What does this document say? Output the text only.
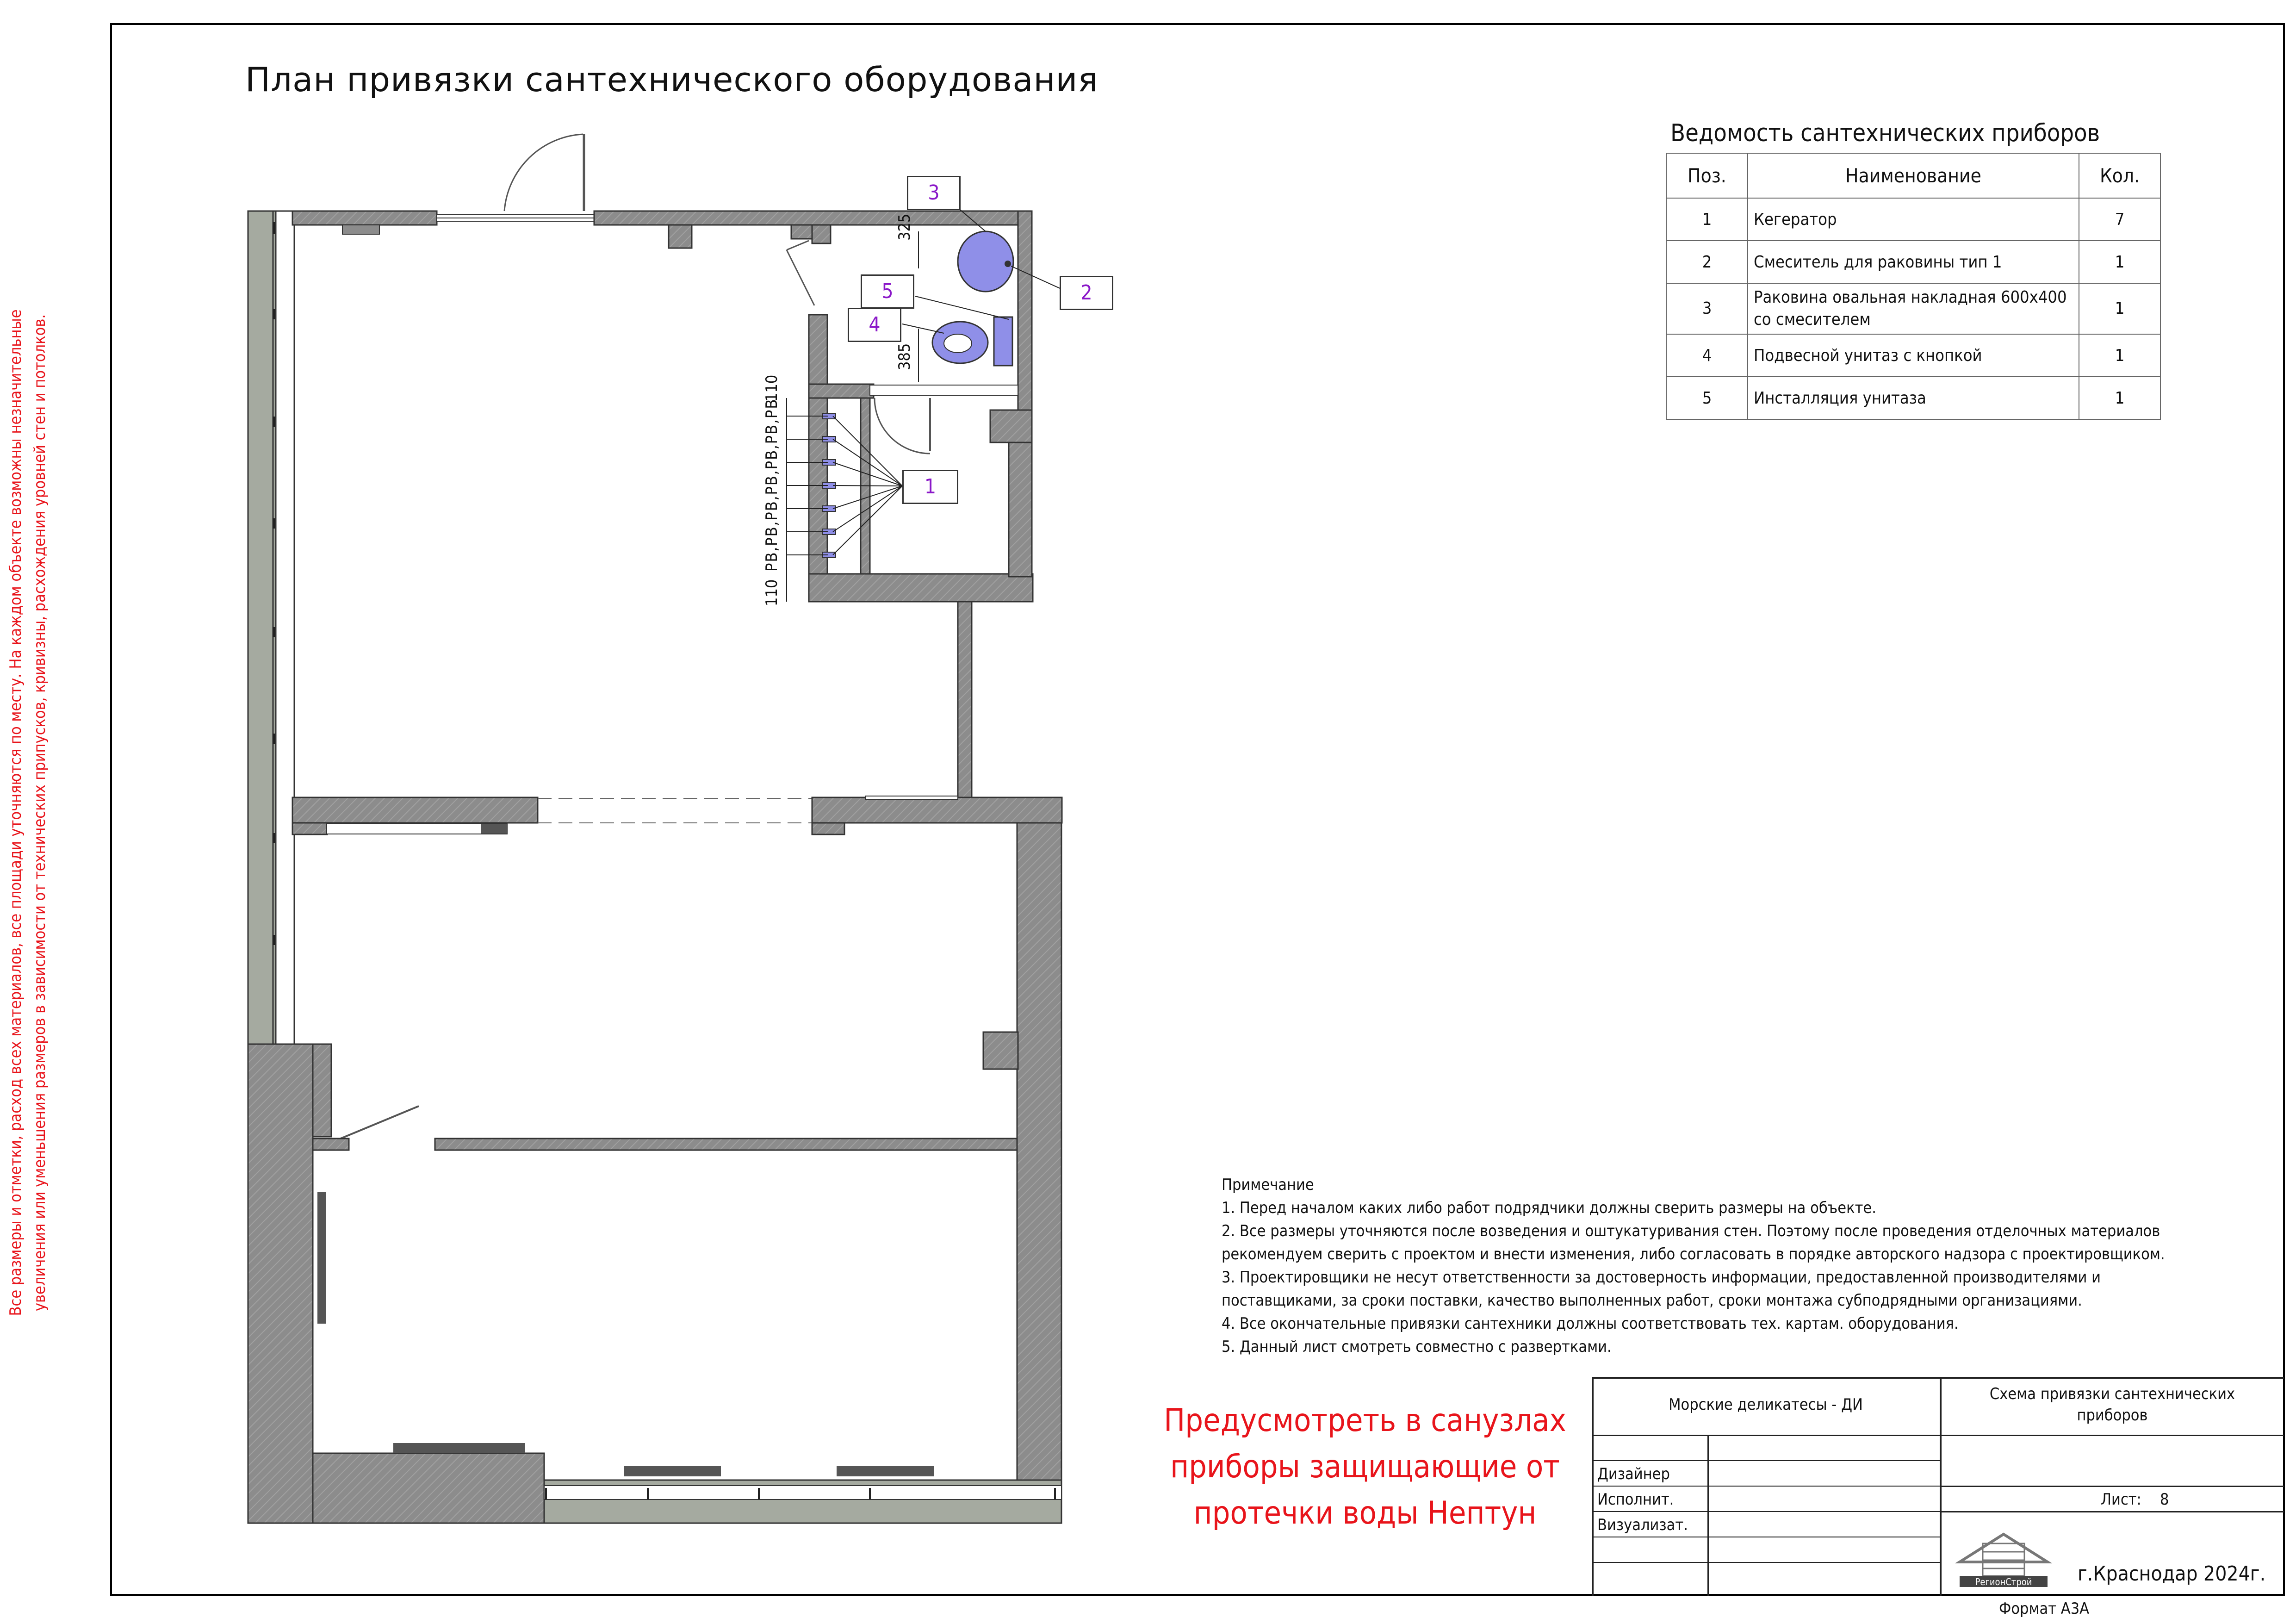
Все размеры и отметки, расход всех материалов, все площади уточняются по месту. На каждом объекте возможны незначительные увеличения или уменьшения размеров в зависимости от технических припусков, кривизны, расхождения уровней стен и потолков.
План привязки сантехнического оборудования
3
2
5
4
1
325
385
110
110
РВ,РВ,РВ,РВ,РВ,РВ,РВ
Ведомость сантехнических приборов
Поз.	Наименование	Кол.
1	Кегератор	7
2	Смеситель для раковины тип 1	1
3	Раковина овальная накладная 600х400 со смесителем	1
4	Подвесной унитаз с кнопкой	1
5	Инсталляция унитаза	1
Примечание
1. Перед началом каких либо работ подрядчики должны сверить размеры на объекте.
2. Все размеры уточняются после возведения и оштукатуривания стен. Поэтому после проведения отделочных материалов
рекомендуем сверить с проектом и внести изменения, либо согласовать в порядке авторского надзора с проектировщиком.
3. Проектировщики не несут ответственности за достоверность информации, предоставленной производителями и
поставщиками, за сроки поставки, качество выполненных работ, сроки монтажа субподрядными организациями.
4. Все окончательные привязки сантехники должны соответствовать тех. картам. оборудования.
5. Данный лист смотреть совместно с развертками.
Предусмотреть в санузлах приборы защищающие от протечки воды Нептун
Морские деликатесы - ДИ
Схема привязки сантехнических приборов
Дизайнер
Исполнит.
Визуализат.
Лист: 8
РегионСтрой	г.Краснодар 2024г.
Формат А3А
